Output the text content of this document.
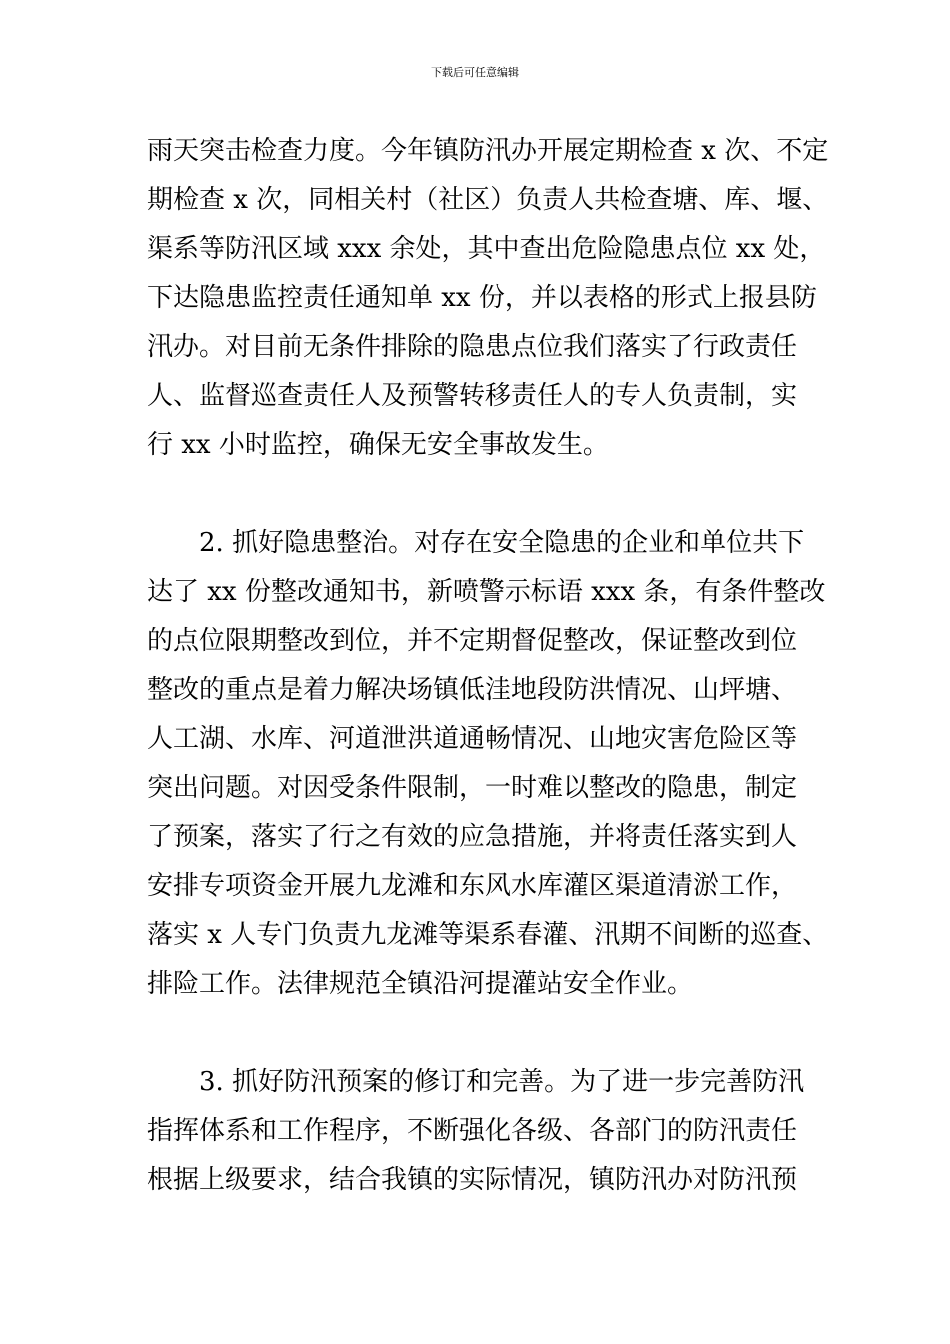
下载后可任意编辑
雨天突击检查力度。今年镇防汛办开展定期检查 x 次、不定
期检查 x 次，同相关村（社区）负责人共检查塘、库、堰、
渠系等防汛区域 xxx 余处，其中查出危险隐患点位 xx 处，
下达隐患监控责任通知单 xx 份，并以表格的形式上报县防
汛办。对目前无条件排除的隐患点位我们落实了行政责任
人、监督巡查责任人及预警转移责任人的专人负责制，实
行 xx 小时监控，确保无安全事故发生。
2. 抓好隐患整治。对存在安全隐患的企业和单位共下
达了 xx 份整改通知书，新喷警示标语 xxx 条，有条件整改
的点位限期整改到位，并不定期督促整改，保证整改到位
整改的重点是着力解决场镇低洼地段防洪情况、山坪塘、
人工湖、水库、河道泄洪道通畅情况、山地灾害危险区等
突出问题。对因受条件限制，一时难以整改的隐患，制定
了预案，落实了行之有效的应急措施，并将责任落实到人
安排专项资金开展九龙滩和东风水库灌区渠道清淤工作，
落实 x 人专门负责九龙滩等渠系春灌、汛期不间断的巡查、
排险工作。法律规范全镇沿河提灌站安全作业。
3. 抓好防汛预案的修订和完善。为了进一步完善防汛
指挥体系和工作程序，不断强化各级、各部门的防汛责任
根据上级要求，结合我镇的实际情况，镇防汛办对防汛预
